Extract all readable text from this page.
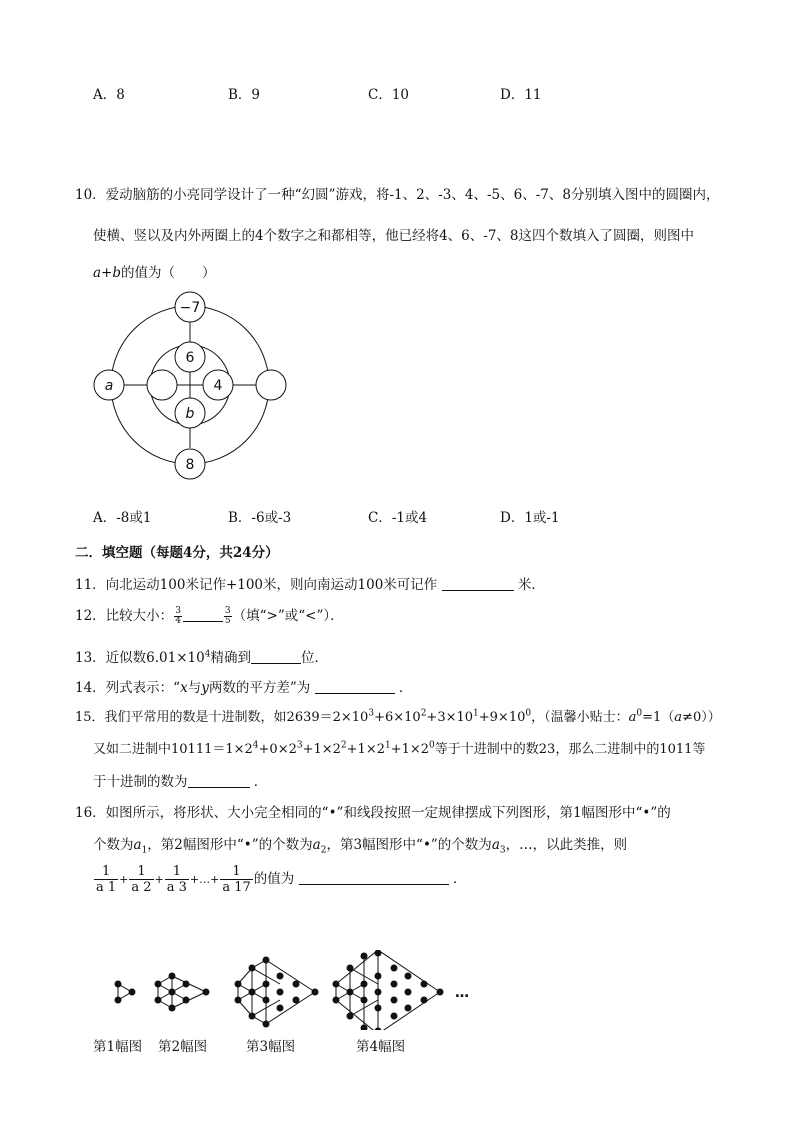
A．8	B．9	C．10	D．11
10．爱动脑筋的小亮同学设计了一种“幻圆”游戏，将-1、2、-3、4、-5、6、-7、8分别填入图中的圆圈内，
使横、竖以及内外两圈上的4个数字之和都相等，他已经将4、6、-7、8这四个数填入了圆圈，则图中
a+b的值为（　　）
−7
6
4
a
b
8
A．-8或1	B．-6或-3	C．-1或4	D．1或-1
二．填空题（每题4分，共24分）
11．向北运动100米记作+100米，则向南运动100米可记作	米．
12．比较大小： $\frac{3}{4}$	$\frac{3}{5}$ （填“>”或“<”）．
13．近似数$6.01\times 10^4$精确到	位．
14．列式表示：“x与y两数的平方差”为	．
15．我们平常用的数是十进制数，如$2639=2\times 10^3+6\times 10^2+3\times 10^1+9\times 10^0$，（温馨小贴士：$a^0=1(a\ne 0)$）
又如二进制中$10111=1\times 2^4+0\times 2^3+1\times 2^2+1\times 2^1+1\times 2^0$等于十进制中的数23，那么二进制中的1011等
于十进制的数为	．
16．如图所示，将形状、大小完全相同的“•”和线段按照一定规律摆成下列图形，第1幅图形中“•”的
个数为$a_1$，第2幅图形中“•”的个数为$a_2$，第3幅图形中“•”的个数为$a_3$，…，以此类推，则
$\frac{1}{a 1} + \frac{1}{a 2} + \frac{1}{a 3}$ +…+ $\frac{1}{a 17}$ 的值为	．
…
第1幅图 第2幅图	第3幅图	第4幅图
